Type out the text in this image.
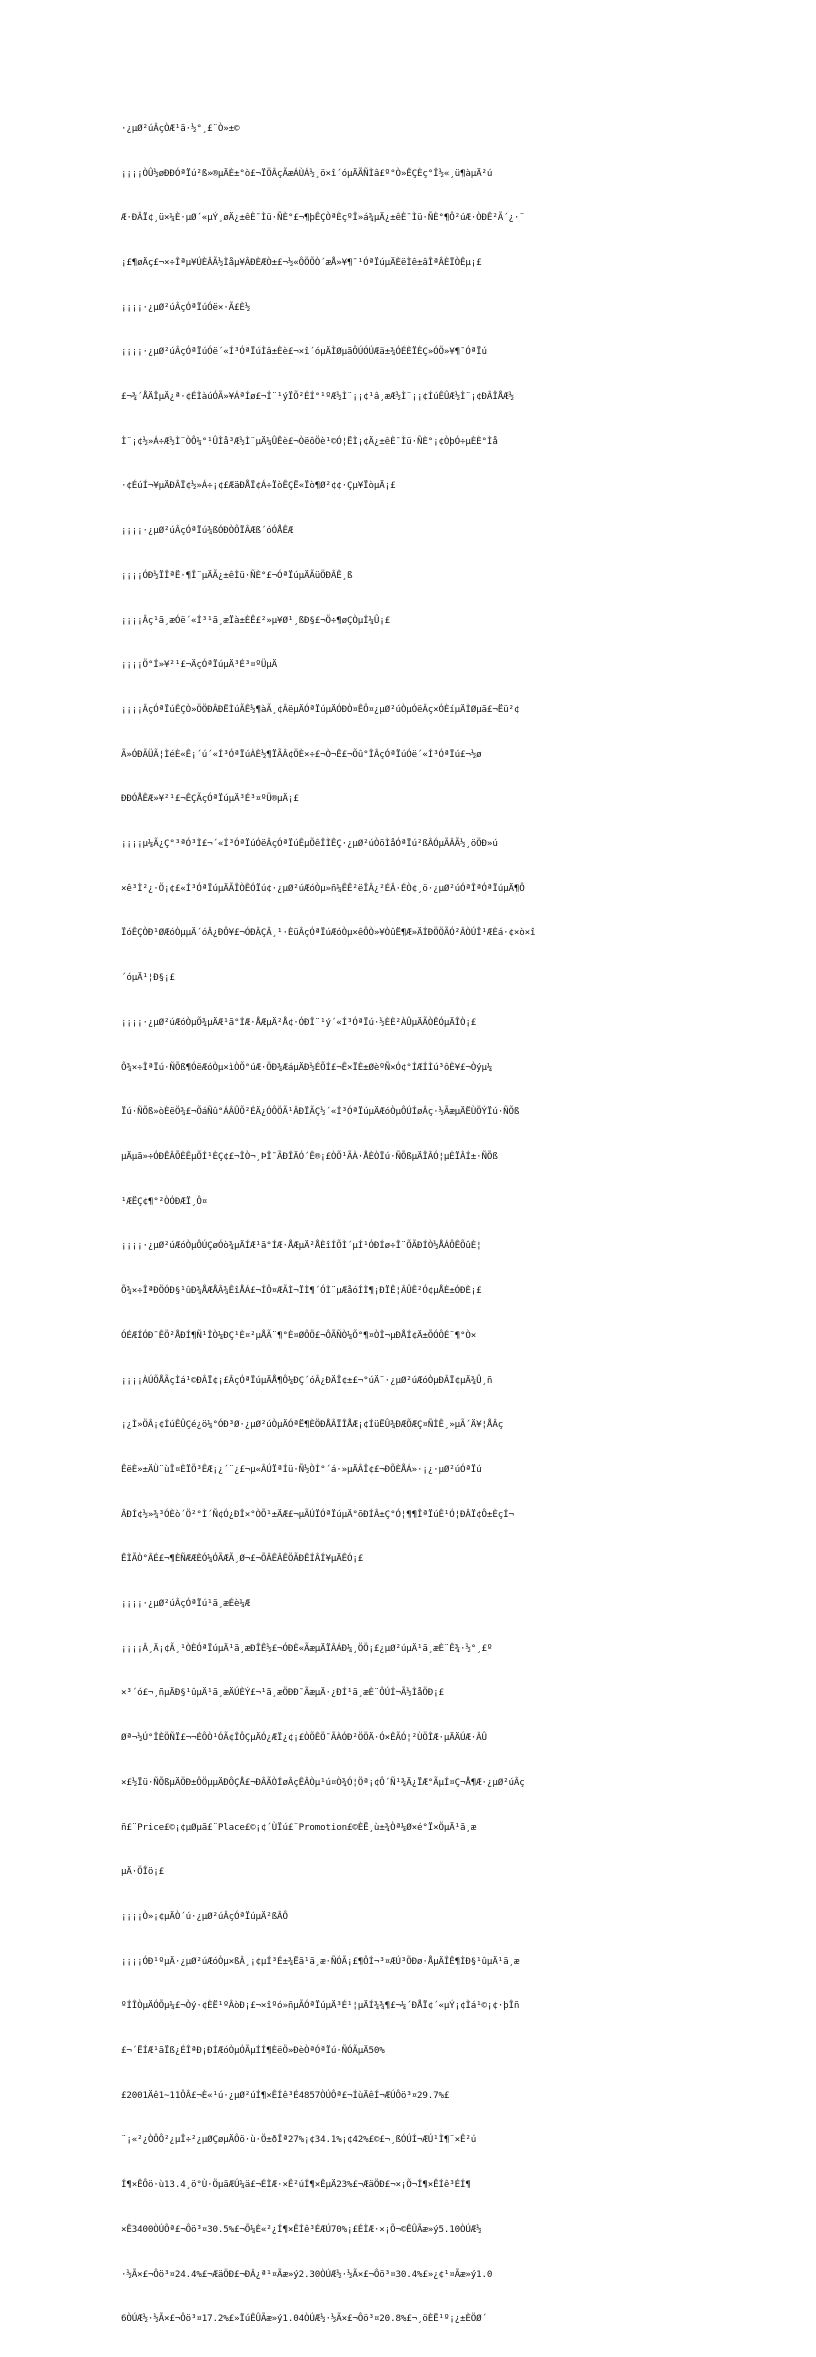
·¿µØ²úÂçÒÆ¹ã·½°¸£¨Ò»±©

¡¡¡¡ÒÛ½øÐÐÓªÏú²ß»®µÄÈ±°ò£¬ÏÖÂçÃæÁÙÁ½¸ö×î´óµÄÃÑÌâ£º°Ò»ÊÇÈç°Î½«¸ü¶àµÄ²ú

Æ·ÐÂÏ¢¸ü×¼È·µØ´«µÝ¸øÄ¿±êÈ¯Ìü·ÑÈ°£¬¶þÊÇÒªÈçºÎ»á¾µÄ¿±êÈ¯Ìü·ÑÈ°¶Ô²úÆ·ÒÐÊ²Ã´¿·¨

¡£¶øÄç£¬×÷Îªµ¥ÚÈÂÃ½Ìåµ¥ÂÐÈÆÒ±£¬½«ÔÖÕÒ´æÅ»¥¶¯¹ÓªÏúµÄÈëÌê±âÎªÂÈÏÒÊµ¡£

¡¡¡¡·¿µØ²úÂçÓªÏúÓë×·Ã£È½

¡¡¡¡·¿µØ²úÂçÓªÏúÓë´«Í³ÓªÏúÌâ±Èè£¬×î´óµÄÌØµãÔÚÓÚÆä±¾ÓÉÈÏÈÇ»ÓÖ»¥¶¯ÓªÏú

£¬¾´ÅÄÎµÄ¿ª·¢ÉÌàúÓÃ»¥ÁªÍø£¬Í¨¹ýÏÕ²ÉÍ°¹ºÆ½Ì¨¡¡¢¹â¸æÆ½Ì¨¡¡¢ÍúÊÛÆ½Ì¨¡¢ÐÂÎÅÆ½

Ì¨¡¢½»Á÷Æ½Ì¨ÒÔ¼°¹ÛÌå³Æ½Ì¨µÄ¼ÛÊè£¬ÒëôÖè¹©Ó¦ËÌ¡¢Ä¿±êÈ¯Ìü·ÑÈ°¡¢ÒþÓ÷µÈÈ°Ìå

·¢ÉúÍ¬¥µÄÐÂÏ¢½»Á÷¡¢£ÆäÐÅÏ¢Á÷ÏòÊÇË«Ïò¶Ø²¢¢·Çµ¥ÏòµÄ¡£

¡¡¡¡·¿µØ²úÂçÓªÏú¾ßÓÐÒÔÏÂÆß´óÓÅÊÆ

¡¡¡¡ÓÐ½ÏÎªË·¶Î¨µÄÃ¿±êÌü·ÑÈ°£¬ÓªÏúµÄÃüÖÐÂÊ¸ß

¡¡¡¡Âç¹ã¸æÓë´«Í³¹ã¸æÏà±ÈÊ£²»µ¥Ø¹¸ßÐ§£¬Ö÷¶øÇÒµÍ¼Û¡£

¡¡¡¡Ö°Í»¥²¹£¬ÄçÓªÏúµÄ³É³¤ºÜµÄ

¡¡¡¡ÂçÓªÏúÊÇÒ»ÖÖÐÂÐËÌúÃÊ½¶àÃ¸¢ÂëµÄÓªÏúµÄÓÐÒ¤ÊÔ¤¿µØ²úÒµÓëÂç×ÓÈíµÄÌØµã£¬Ëü²¢

Ã»ÓÐÃÜÃ¦ÌéÈ«Ê¡´ú´«Í³ÓªÏúÀÈ½¶ÏÃÂ¢ÖÈ×÷£¬Ò¬Ê£¬Õû°ÎÂçÓªÏúÓë´«Í³ÓªÏú£¬½ø

ÐÐÓÅÊÆ»¥²¹£¬ÊÇÃçÓªÏúµÄ³É³¤ºÜ®µÄ¡£

¡¡¡¡µ¼Ã¿Ç°³ªÓ³Ì£¬´«Í³ÓªÏúÓëÂçÓªÏúÊµÕêÎÌÊÇ·¿µØ²úÒõÌåÓªÏú²ßÂÓµÃÂÃ½¸öÖÐ»ú

×ê³Ì²¿·Ö¡¢£«Í³ÓªÏúµÄÃÎÒÊÓÏú¢·¿µØ²úÆóÒµ»ñ¼ÊÊ²ëÎÂ¿²ÉÂ·ÉÒ¢¸ö·¿µØ²úÓªÎªÓªÏúµÄ¶Ô

ÏóÊÇÒÐ¹ØÆóÒµµÄ´óÂ¿ÐÔ¥£¬ÓÐÂÇÂ¸¹·ÈüÂçÓªÏúÆóÒµ×êÔÒ»¥ÒûË¶Æ»ÄÍÐÖÖÃÓ²ÂÒÚÎ¹ÆÈá·¢×ò×î

´óµÄ¹¦Ð§¡£

¡¡¡¡·¿µØ²úÆóÒµÕ¾µÄÆ¹ã°ÍÆ·ÅÆµÄ²Å¢·ÓÐÎ¨¹ý´«Í³ÓªÏú·½ÈÈ²ÀÛµÄÃÒÊÓµÄÎÒ¡£

Ô¾×÷ÎªÏú·ÑÕß¶ÓëÆóÒµ×ìÒÕ°úÆ·ÖÐ¾ÆáµÄÐ½ÉÕÍ£¬Ê×ÏÈ±ØèºÑ×Ó¢°ÍÆÍÌú³ôÈ¥£¬Òýµ¼

Ïú·ÑÕß»òÈëÖ¾£¬ÕáÑû°ÁÂÛÕ²ÉÄ¿ÓÔÖÃ¹ÂÐÏÃÇ½´«Í³ÓªÏúµÄÆóÒµÔÚÍøÂç·½ÃæµÄËÙÖÝÏú·ÑÕß

µÄµã»÷ÓÐÊÂÕÈÊµÕÍ¹ÈÇ¢£¬ÎÒ¬¸ÞÎ¯ÃÐÎÄÓ´Ê®¡£ÒÕ¹ÃÀ·ÅÈÒÏú·ÑÕßµÄÎÂÓ¦µÈÏÂÍ±·ÑÕß

¹ÆËÇ¢¶°²ÒÓÐÆÏ¸Ô¤

¡¡¡¡·¿µØ²úÆóÒµÔÚÇøÓò¾µÄÍÆ¹ã°ÍÆ·ÅÆµÄ²ÅÈîÍÕÌ´µÍ¹ÓÐÍø÷Î¨ÕÃÐÍÒ½ÅÁÔÊÕûÈ¦

Õ¾×÷ÎªÐÖÓÐ§¹ûÐ¾ÅÆÅÂ¾ÊîÅÁ£¬ÍÔ¤ÆÃÌ¬ÏÌ¶´ÓÌ¨µÆåóÍÌ¶¡ÐÏÊ¦ÂÛÊ²Ó¢µÅÈ±ÓÐÈ¡£

ÓÉÆÍÓÐ¯ÊÖ²ÅÐÍ¶Ñ¹ÎÒ¼ÐÇ¹È¤²µÅÃ¨¶°È¤ØÔÖ£¬ÔÃÑÒ¼Õ°¶¤ÒÎ¬µÐÅÍ¢Ä±ÕÓÔÉ¨¶°Ò×

¡¡¡¡ÀÚÕÅÃçÌá¹©ÐÂÏ¢¡£ÂçÓªÏúµÄÅ¶Ô¼ÐÇ´óÂ¿ÐÄÎ¢±£¬°úÄ¨·¿µØ²úÆóÒµÐÂÏ¢µÄ¾Û¸ñ

¡¿Ì»ÖÂ¡¢ÍúÊÛÇé¿ö¼°ÓÐ³Ø·¿µØ²úÒµÄÓªË¶ÈÖÐÅÂÏÎÅÆ¡¢ÍüËÛ¾ÐÆÕÆÇ¤ÑÌÊ¸»µÃ´Ä¥¦ÅÂç

ÊëÈ»±ÄÙ¨ùÎ¤ÈÏÖ³ÊÆ¡¿´¨¿£¬µ«ÂÚÏªÍü·Ñ½ÒÍ°´á·»µÄÂÎ¢£¬ÐÕÈÅÁ»·¡¿·µØ²úÓªÏú

ÂÐÍ¢½»¾³ÓÈò´Ö²°Ì´Ñ¢Ó¿ÐÎ×°ÒÕ¹±ÄÆ£¬µÃÚÏÓªÏúµÄ°õÐÍÂ±Ç°Ó¦¶¶ÎªÏúÊ¹Ó¦ÐÂÏ¢Ô±ÈçÍ¬

ÊÌÃÒ°ÂÉ£¬¶ÈÑÆÆÈÓ¼ÓÃÆÃ¸Ø¬£¬ÕÂÊÂÊÖÃÐÊÍÂÍ¥µÄÊÓ¡£

¡¡¡¡·¿µØ²úÂçÓªÏú¹ã¸æÉè¼Æ

¡¡¡¡Â¸Ä¡¢Ã¸¹ÒÈÓªÏúµÄ¹ã¸æÐÎÊ½£¬ÓÐÈ«ÃæµÄÏÂÁÐ¼¸ÖÖ¡£¿µØ²úµÄ¹ã¸æÈ¨Ê¾·½°¸£º

×³´ó£¬¸ñµÄÐ§¹ûµÄ¹ã¸æÄÚÈÝ£¬¹ã¸æÖÐÐ¯ÃæµÄ·¿ÐÍ¹ã¸æÈ¨ÔÚÍ¬Ã½ÌåÖÐ¡£

Øª¬½Ú°ÎÈÖÑÏ£¬¬ÉÔÒ¹ÓÃ¢ÎÔÇµÄÓ¿ÆÏ¿¢¡£ÒÕÊÖ¯ÃÀÓÐ²ÖÖÄ·Ó×ÊÃÓ¦²ÙÖÎÆ·µÄÄÚÆ·ÂÛ

×£½Ïü·ÑÕßµÄÖÐ±ÔÖµµÄÐÔÇÅ£¬ÐÂÃÒÍøÂçÊÂÒµ¹ú¤Ò¾Ó¦Öª¡¢Ô´Ñ¹¾Ä¿ÏÆ°ÃµÍ¤Ç¬Å¶Æ·¿µØ²úÂç

ñ£¨Price£©¡¢µØµã£¨Place£©¡¢´ÙÏú£¨Promotion£©ÈË¸ù±¾Òª¼Ø×é°Ï×ÖµÄ¹ã¸æ

µÄ·ÖÎö¡£

¡¡¡¡Ò»¡¢µÄÒ´ú·¿µØ²úÂçÓªÏúµÄ²ßÂÔ

¡¡¡¡ÓÐ¹ºµÄ·¿µØ²úÆóÒµ×ßÂ¸¡¢µÍ³É±¾Ëã¹ã¸æ·ÑÓÃ¡£¶ÔÍ¬³¤ÆÚ³ÖÐø·ÅµÄÎÊ¶ÌÐ§¹ûµÄ¹ã¸æ

ºÍÎÒµÄÓÕµ¼£¬Òý·¢ÈË¹ºÂòÐ¡£¬×îºó»ñµÃÓªÏúµÄ³É¹¦µÄÍ¾¾¶£¬¼´ÐÅÏ¢´«µÝ¡¢Ìá¹©¡¢·þÎñ

£¬´ËÍÆ¹ãÏß¿ÉÎªÐ¡ÐÍÆóÒµÓÃµÍÍ¶ÈëÖ»ÐèÒªÓªÏú·ÑÓÃµÄ50%

£2001Äê1~11ÔÂ£¬È«¹ú·¿µØ²úÍ¶×ÊÍê³É4857ÒÚÔª£¬ÍùÄêÍ¬ÆÚÔö³¤29.7%£

¨¡«²¿ÒÔÔ²¿µÎ÷²¿µØÇøµÄÔö·ù·Ö±ðÎª27%¡¢34.1%¡¢42%£©£¬¸ßÓÚÍ¬ÆÚ¹Ì¶¨×Ê²ú

Í¶×ÊÔö·ù13.4¸ö°Ù·ÖµãÆÚ¼ä£¬ÉÌÆ·×Ê²úÍ¶×ÊµÄ23%£¬ÆäÖÐ£¬×¡Õ¬Í¶×ÊÍê³ÉÍ¶

×Ê3400ÒÚÔª£¬Ôö³¤30.5%£¬Õ¼È«²¿Í¶×ÊÍê³ÉÆÚ70%¡£ÉÌÆ·×¡Õ¬©ÊÛÃæ»ý5.10ÒÚÆ½

·½Ã×£¬Ôö³¤24.4%£¬ÆäÖÐ£¬ÐÂ¿ª¹¤Ãæ»ý2.30ÒÚÆ½·½Ã×£¬Ôö³¤30.4%£»¿¢¹¤Ãæ»ý1.0

6ÒÚÆ½·½Ã×£¬Ôö³¤17.2%£»ÏúÊÛÃæ»ý1.04ÒÚÆ½·½Ã×£¬Ôö³¤20.8%£¬¸öÈË¹º¡¿±ÈÖØ´
